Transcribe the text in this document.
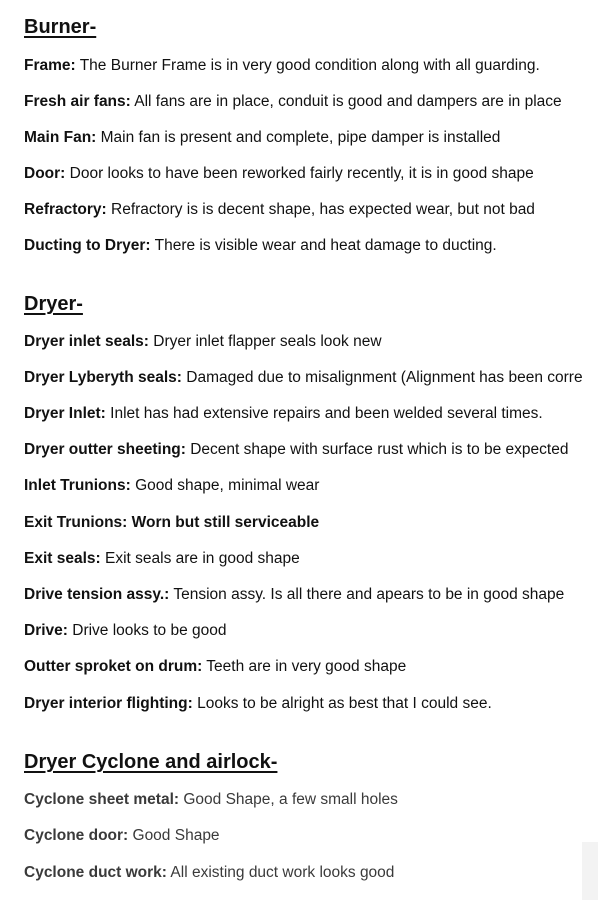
Burner-

Frame: The Burner Frame is in very good condition along with all guarding.

Fresh air fans: All fans are in place, conduit is good and dampers are in place

Main Fan: Main fan is present and complete, pipe damper is installed

Door: Door looks to have been reworked fairly recently, it is in good shape

Refractory: Refractory is is decent shape, has expected wear, but not bad

Ducting to Dryer: There is visible wear and heat damage to ducting.

Dryer-

Dryer inlet seals: Dryer inlet flapper seals look new

Dryer Lyberyth seals: Damaged due to misalignment (Alignment has been corre

Dryer Inlet: Inlet has had extensive repairs and been welded several times.

Dryer outter sheeting: Decent shape with surface rust which is to be expected

Inlet Trunions: Good shape, minimal wear

Exit Trunions: Worn but still serviceable

Exit seals: Exit seals are in good shape

Drive tension assy.: Tension assy. Is all there and apears to be in good shape

Drive: Drive looks to be good

Outter sproket on drum: Teeth are in very good shape

Dryer interior flighting: Looks to be alright as best that I could see.

Dryer Cyclone and airlock-

Cyclone sheet metal: Good Shape, a few small holes

Cyclone door: Good Shape

Cyclone duct work: All existing duct work looks good
